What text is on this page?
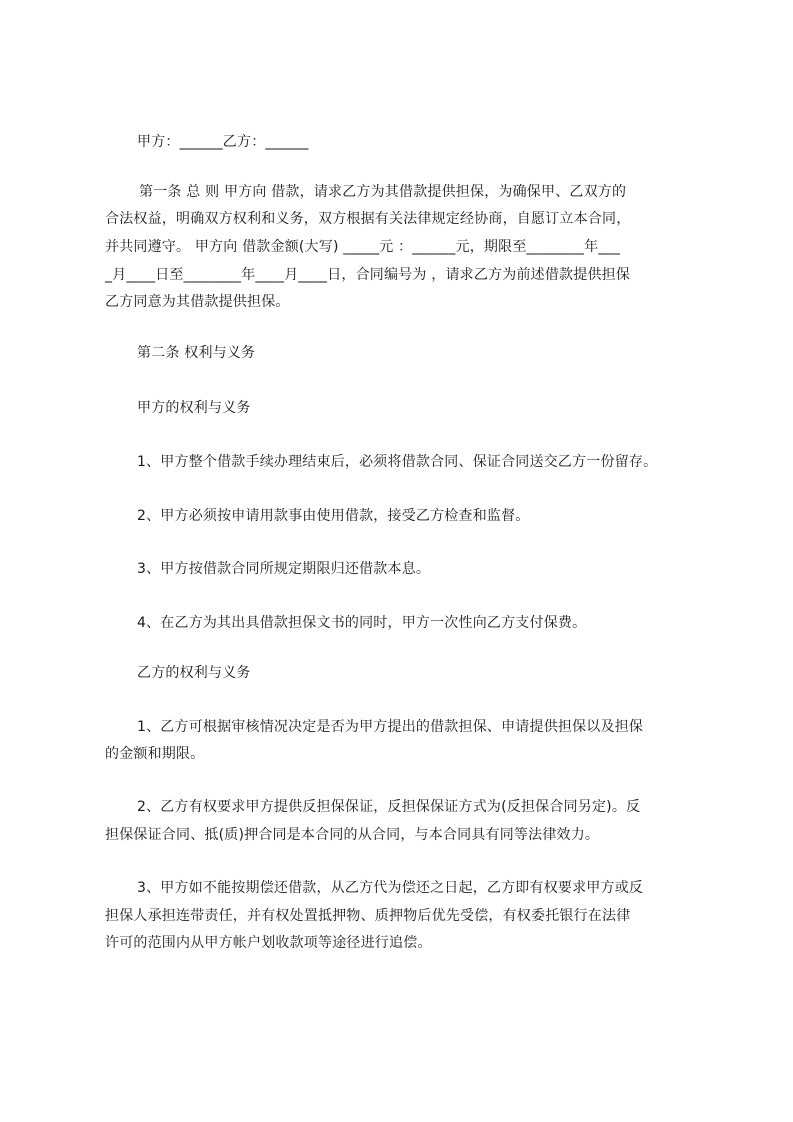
甲方：______乙方：______
第一条 总 则 甲方向 借款，请求乙方为其借款提供担保，为确保甲、乙双方的
合法权益，明确双方权利和义务，双方根据有关法律规定经协商，自愿订立本合同，
并共同遵守。 甲方向 借款金额(大写) _____元 ：______元，期限至________年___
_月____日至________年____月____日，合同编号为 ，请求乙方为前述借款提供担保
乙方同意为其借款提供担保。
第二条 权利与义务
甲方的权利与义务
1、甲方整个借款手续办理结束后，必须将借款合同、保证合同送交乙方一份留存。
2、甲方必须按申请用款事由使用借款，接受乙方检查和监督。
3、甲方按借款合同所规定期限归还借款本息。
4、在乙方为其出具借款担保文书的同时，甲方一次性向乙方支付保费。
乙方的权利与义务
1、乙方可根据审核情况决定是否为甲方提出的借款担保、申请提供担保以及担保
的金额和期限。
2、乙方有权要求甲方提供反担保保证，反担保保证方式为(反担保合同另定)。反
担保保证合同、抵(质)押合同是本合同的从合同，与本合同具有同等法律效力。
3、甲方如不能按期偿还借款，从乙方代为偿还之日起，乙方即有权要求甲方或反
担保人承担连带责任，并有权处置抵押物、质押物后优先受偿，有权委托银行在法律
许可的范围内从甲方帐户划收款项等途径进行追偿。
